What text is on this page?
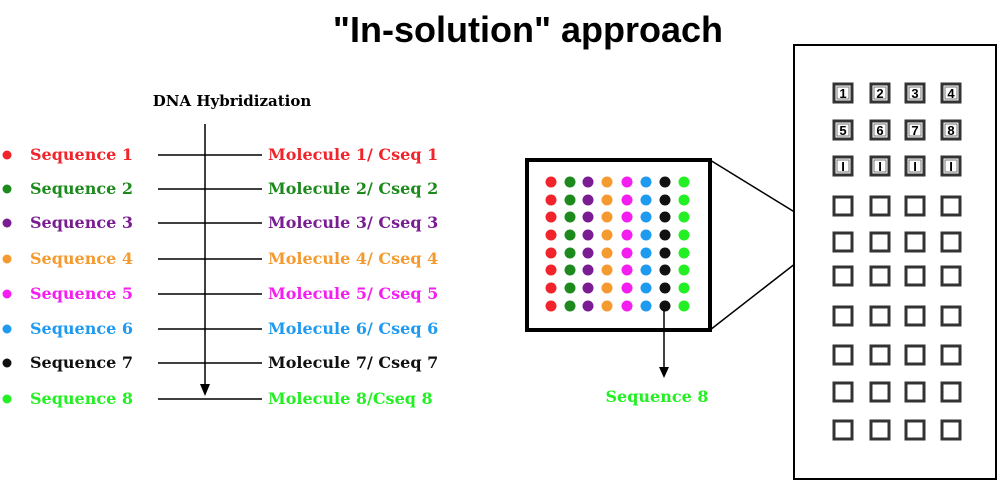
"In-solution" approach
DNA Hybridization
Sequence 1	Molecule 1/ Cseq 1
Sequence 2	Molecule 2/ Cseq 2
Sequence 3	Molecule 3/ Cseq 3
Sequence 4	Molecule 4/ Cseq 4
Sequence 5	Molecule 5/ Cseq 5
Sequence 6	Molecule 6/ Cseq 6
Sequence 7	Molecule 7/ Cseq 7
Sequence 8	Molecule 8/Cseq 8	Sequence 8
1 2 3 4
5 6 7 8
I	I I I
